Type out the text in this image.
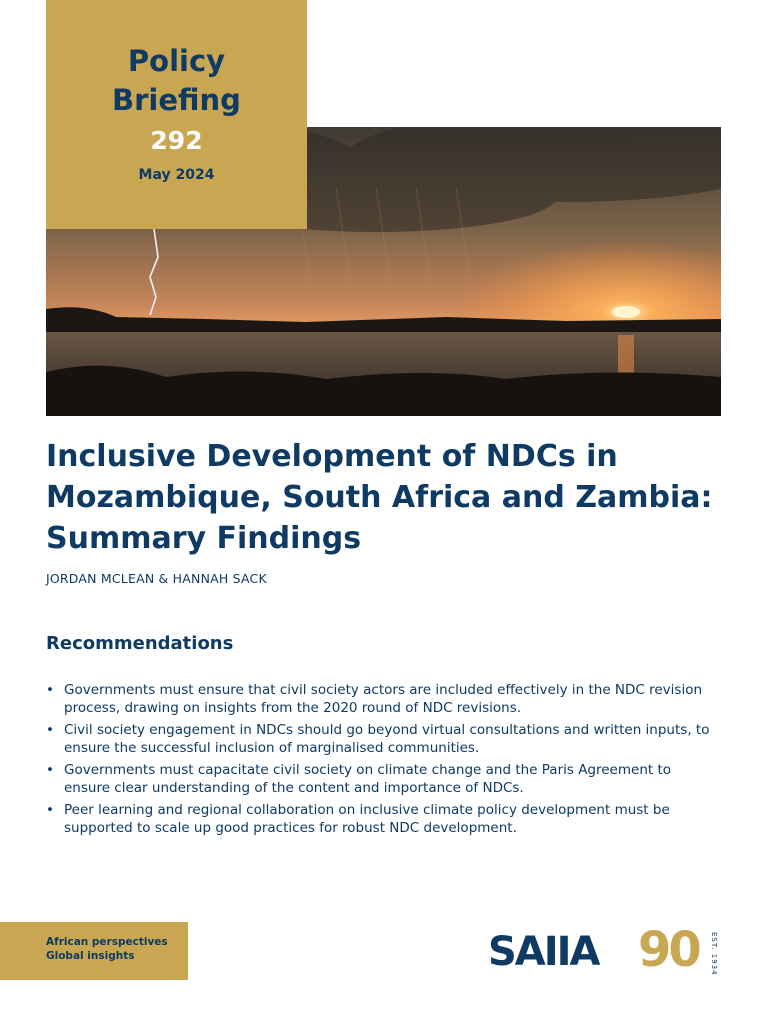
Policy
Briefing
292
May 2024
Inclusive Development of NDCs in Mozambique, South Africa and Zambia: Summary Findings
JORDAN MCLEAN & HANNAH SACK
Recommendations
• Governments must ensure that civil society actors are included effectively in the NDC revision process, drawing on insights from the 2020 round of NDC revisions.
• Civil society engagement in NDCs should go beyond virtual consultations and written inputs, to ensure the successful inclusion of marginalised communities.
• Governments must capacitate civil society on climate change and the Paris Agreement to ensure clear understanding of the content and importance of NDCs.
• Peer learning and regional collaboration on inclusive climate policy development must be supported to scale up good practices for robust NDC development.
African perspectives
Global insights	SAIIA 90 EST. 1934
